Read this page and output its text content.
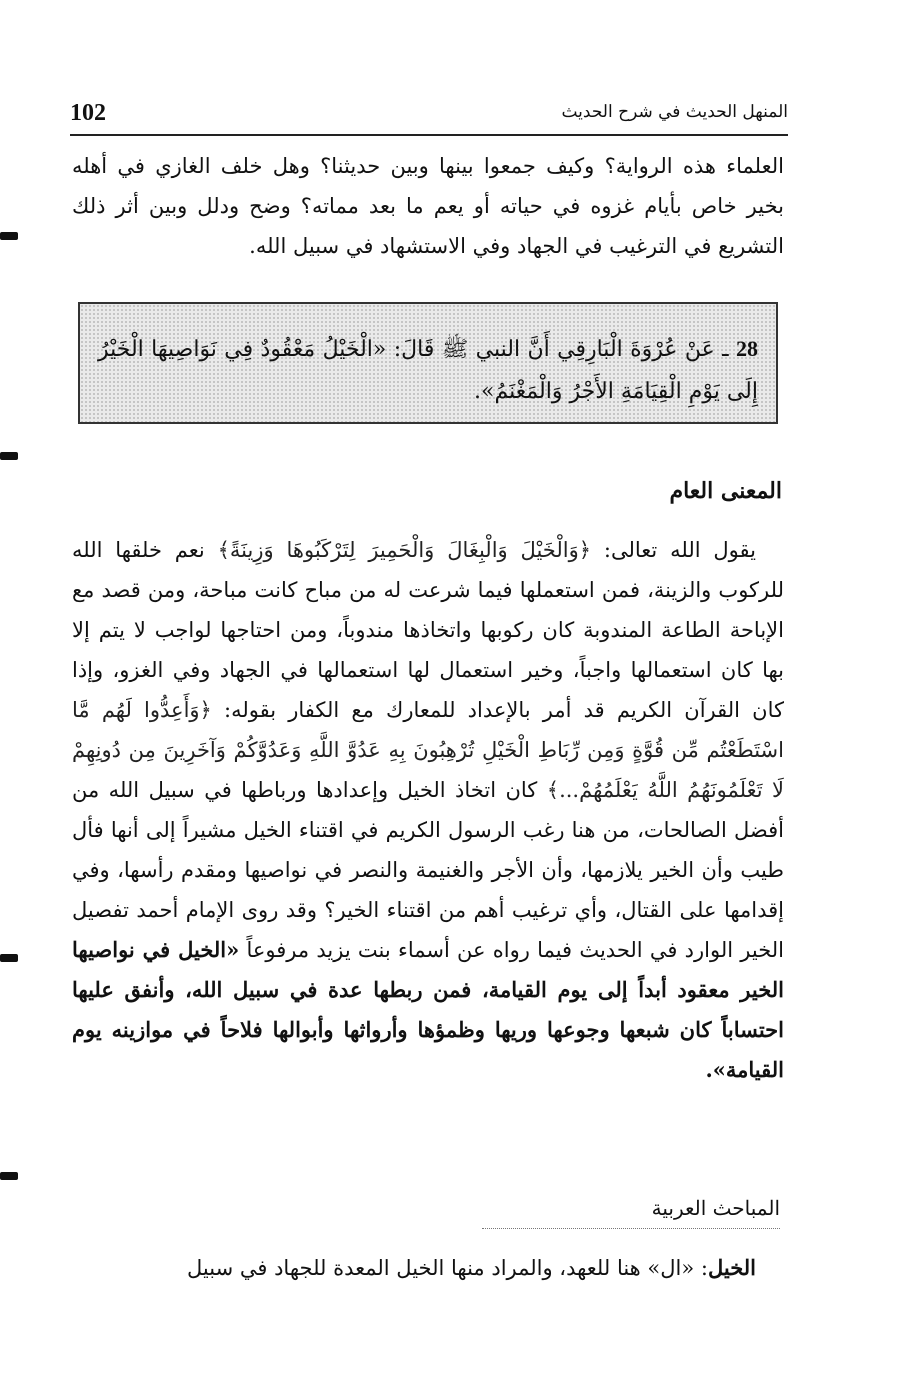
102	المنهل الحديث في شرح الحديث

العلماء هذه الرواية؟ وكيف جمعوا بينها وبين حديثنا؟ وهل خلف الغازي في أهله بخير خاص بأيام غزوه في حياته أو يعم ما بعد مماته؟ وضح ودلل وبين أثر ذلك التشريع في الترغيب في الجهاد وفي الاستشهاد في سبيل الله.

28 ـ عَنْ عُرْوَةَ الْبَارِقِي أَنَّ النبي ﷺ قَالَ: «الْخَيْلُ مَعْقُودٌ فِي نَوَاصِيهَا الْخَيْرُ إِلَى يَوْمِ الْقِيَامَةِ الأَجْرُ وَالْمَغْنَمُ».
المعنى العام

يقول الله تعالى: ﴿وَالْخَيْلَ وَالْبِغَالَ وَالْحَمِيرَ لِتَرْكَبُوهَا وَزِينَةً﴾ نعم خلقها الله للركوب والزينة، فمن استعملها فيما شرعت له من مباح كانت مباحة، ومن قصد مع الإباحة الطاعة المندوبة كان ركوبها واتخاذها مندوباً، ومن احتاجها لواجب لا يتم إلا بها كان استعمالها واجباً، وخير استعمال لها استعمالها في الجهاد وفي الغزو، وإذا كان القرآن الكريم قد أمر بالإعداد للمعارك مع الكفار بقوله: ﴿وَأَعِدُّوا لَهُم مَّا اسْتَطَعْتُم مِّن قُوَّةٍ وَمِن رِّبَاطِ الْخَيْلِ تُرْهِبُونَ بِهِ عَدُوَّ اللَّهِ وَعَدُوَّكُمْ وَآخَرِينَ مِن دُونِهِمْ لَا تَعْلَمُونَهُمُ اللَّهُ يَعْلَمُهُمْ...﴾ كان اتخاذ الخيل وإعدادها ورباطها في سبيل الله من أفضل الصالحات، من هنا رغب الرسول الكريم في اقتناء الخيل مشيراً إلى أنها فأل طيب وأن الخير يلازمها، وأن الأجر والغنيمة والنصر في نواصيها ومقدم رأسها، وفي إقدامها على القتال، وأي ترغيب أهم من اقتناء الخير؟ وقد روى الإمام أحمد تفصيل الخير الوارد في الحديث فيما رواه عن أسماء بنت يزيد مرفوعاً «الخيل في نواصيها الخير معقود أبداً إلى يوم القيامة، فمن ربطها عدة في سبيل الله، وأنفق عليها احتساباً كان شبعها وجوعها وريها وظمؤها وأرواثها وأبوالها فلاحاً في موازينه يوم القيامة».

المباحث العربية

الخيل: «ال» هنا للعهد، والمراد منها الخيل المعدة للجهاد في سبيل
